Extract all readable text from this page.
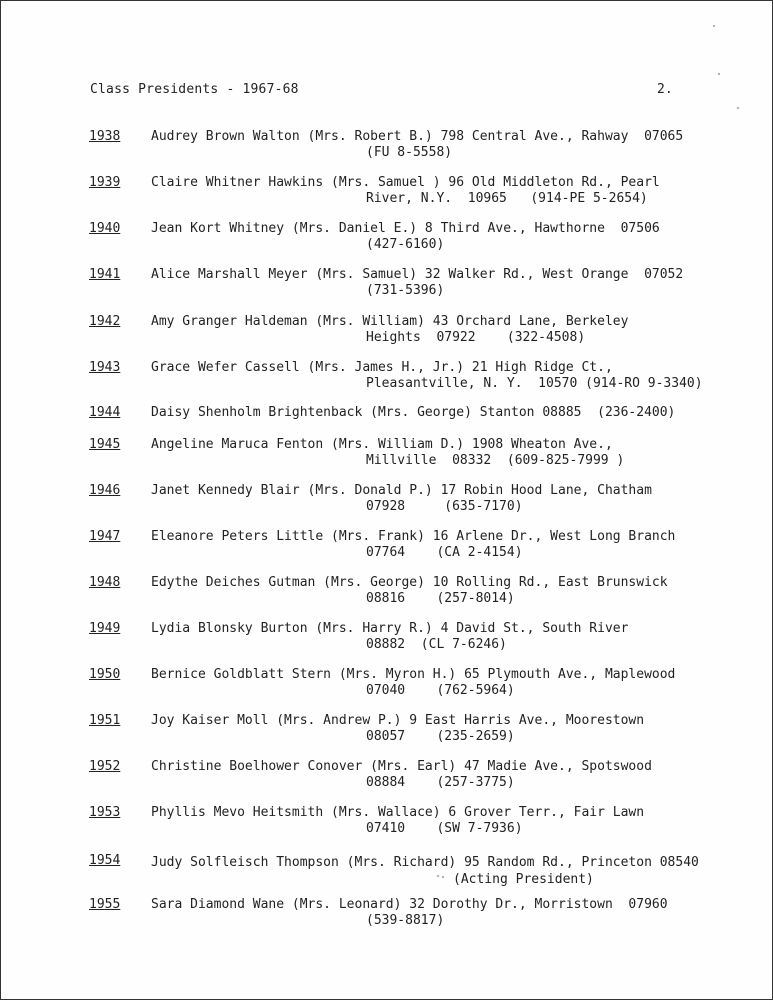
Class Presidents - 1967-68	2.
1938 Audrey Brown Walton (Mrs. Robert B.) 798 Central Ave., Rahway  07065
(FU 8-5558)
1939 Claire Whitner Hawkins (Mrs. Samuel ) 96 Old Middleton Rd., Pearl
River, N.Y.  10965   (914-PE 5-2654)
1940 Jean Kort Whitney (Mrs. Daniel E.) 8 Third Ave., Hawthorne  07506
(427-6160)
1941 Alice Marshall Meyer (Mrs. Samuel) 32 Walker Rd., West Orange  07052
(731-5396)
1942 Amy Granger Haldeman (Mrs. William) 43 Orchard Lane, Berkeley
Heights  07922    (322-4508)
1943 Grace Wefer Cassell (Mrs. James H., Jr.) 21 High Ridge Ct.,
Pleasantville, N. Y.  10570 (914-RO 9-3340)
1944 Daisy Shenholm Brightenback (Mrs. George) Stanton 08885  (236-2400)
1945 Angeline Maruca Fenton (Mrs. William D.) 1908 Wheaton Ave.,
Millville  08332  (609-825-7999 )
1946 Janet Kennedy Blair (Mrs. Donald P.) 17 Robin Hood Lane, Chatham
07928     (635-7170)
1947 Eleanore Peters Little (Mrs. Frank) 16 Arlene Dr., West Long Branch
07764    (CA 2-4154)
1948 Edythe Deiches Gutman (Mrs. George) 10 Rolling Rd., East Brunswick
08816    (257-8014)
1949 Lydia Blonsky Burton (Mrs. Harry R.) 4 David St., South River
08882  (CL 7-6246)
1950 Bernice Goldblatt Stern (Mrs. Myron H.) 65 Plymouth Ave., Maplewood
07040    (762-5964)
1951 Joy Kaiser Moll (Mrs. Andrew P.) 9 East Harris Ave., Moorestown
08057    (235-2659)
1952 Christine Boelhower Conover (Mrs. Earl) 47 Madie Ave., Spotswood
08884    (257-3775)
1953 Phyllis Mevo Heitsmith (Mrs. Wallace) 6 Grover Terr., Fair Lawn
07410    (SW 7-7936)
1954 Judy Solfleisch Thompson (Mrs. Richard) 95 Random Rd., Princeton 08540
(Acting President)
1955 Sara Diamond Wane (Mrs. Leonard) 32 Dorothy Dr., Morristown  07960
(539-8817)
